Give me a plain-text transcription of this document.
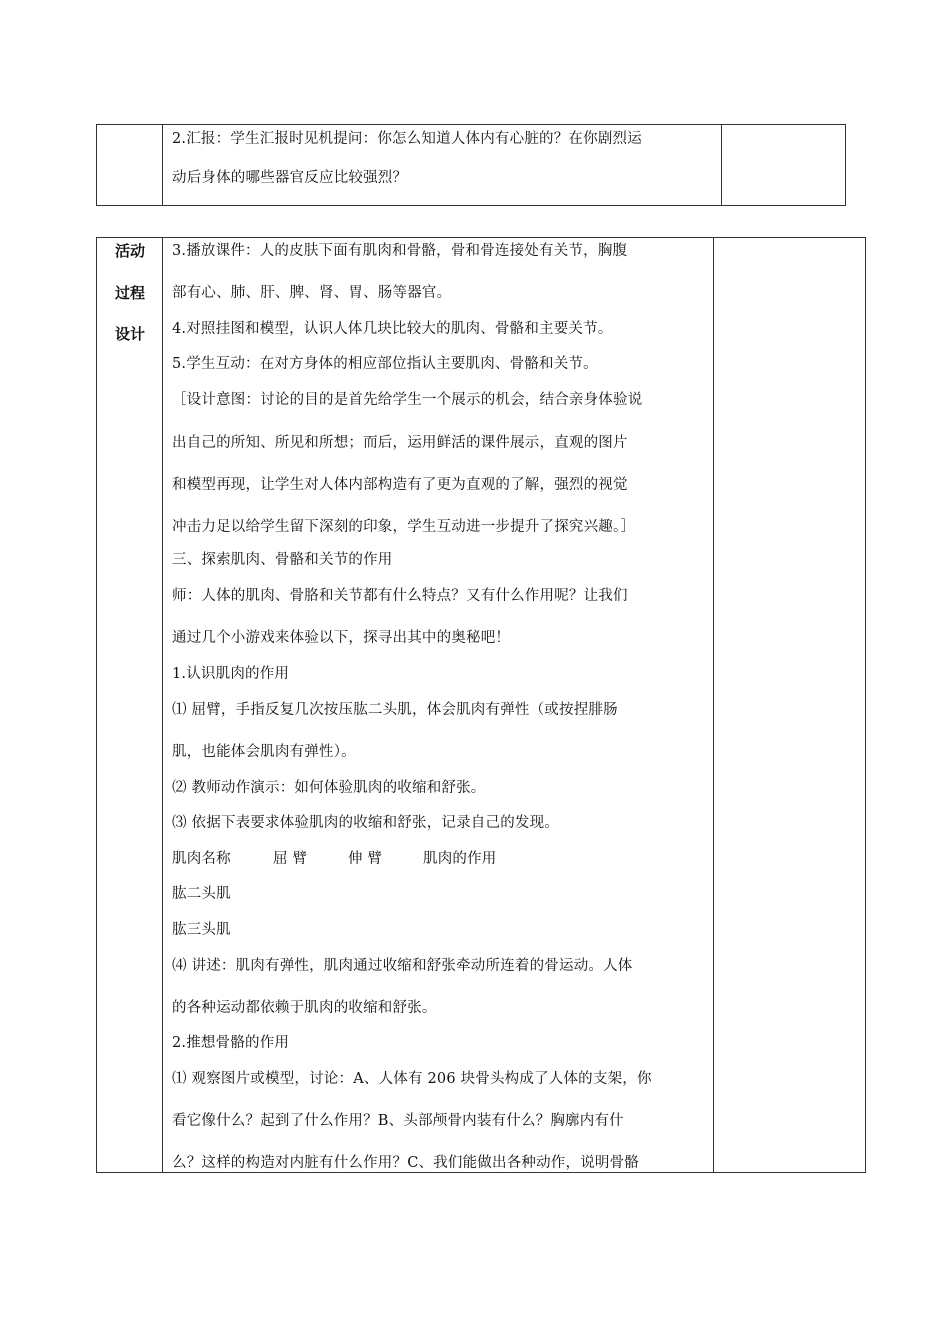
2.汇报：学生汇报时见机提问：你怎么知道人体内有心脏的？在你剧烈运
动后身体的哪些器官反应比较强烈？
活动
过程
设计
3.播放课件：人的皮肤下面有肌肉和骨骼，骨和骨连接处有关节，胸腹
部有心、肺、肝、脾、肾、胃、肠等器官。
4.对照挂图和模型，认识人体几块比较大的肌肉、骨骼和主要关节。
5.学生互动：在对方身体的相应部位指认主要肌肉、骨骼和关节。
［设计意图：讨论的目的是首先给学生一个展示的机会，结合亲身体验说
出自己的所知、所见和所想；而后，运用鲜活的课件展示，直观的图片
和模型再现，让学生对人体内部构造有了更为直观的了解，强烈的视觉
冲击力足以给学生留下深刻的印象，学生互动进一步提升了探究兴趣。］
三、探索肌肉、骨骼和关节的作用
师：人体的肌肉、骨胳和关节都有什么特点？又有什么作用呢？让我们
通过几个小游戏来体验以下，探寻出其中的奥秘吧！
1.认识肌肉的作用
⑴ 屈臂，手指反复几次按压肱二头肌，体会肌肉有弹性（或按捏腓肠
肌，也能体会肌肉有弹性）。
⑵ 教师动作演示：如何体验肌肉的收缩和舒张。
⑶ 依据下表要求体验肌肉的收缩和舒张，记录自己的发现。
肌肉名称	屈 臂	伸 臂	肌肉的作用
肱二头肌
肱三头肌
⑷ 讲述：肌肉有弹性，肌肉通过收缩和舒张牵动所连着的骨运动。人体
的各种运动都依赖于肌肉的收缩和舒张。
2.推想骨骼的作用
⑴ 观察图片或模型，讨论：A、人体有 206 块骨头构成了人体的支架，你
看它像什么？起到了什么作用？B、头部颅骨内装有什么？胸廓内有什
么？这样的构造对内脏有什么作用？C、我们能做出各种动作，说明骨骼
